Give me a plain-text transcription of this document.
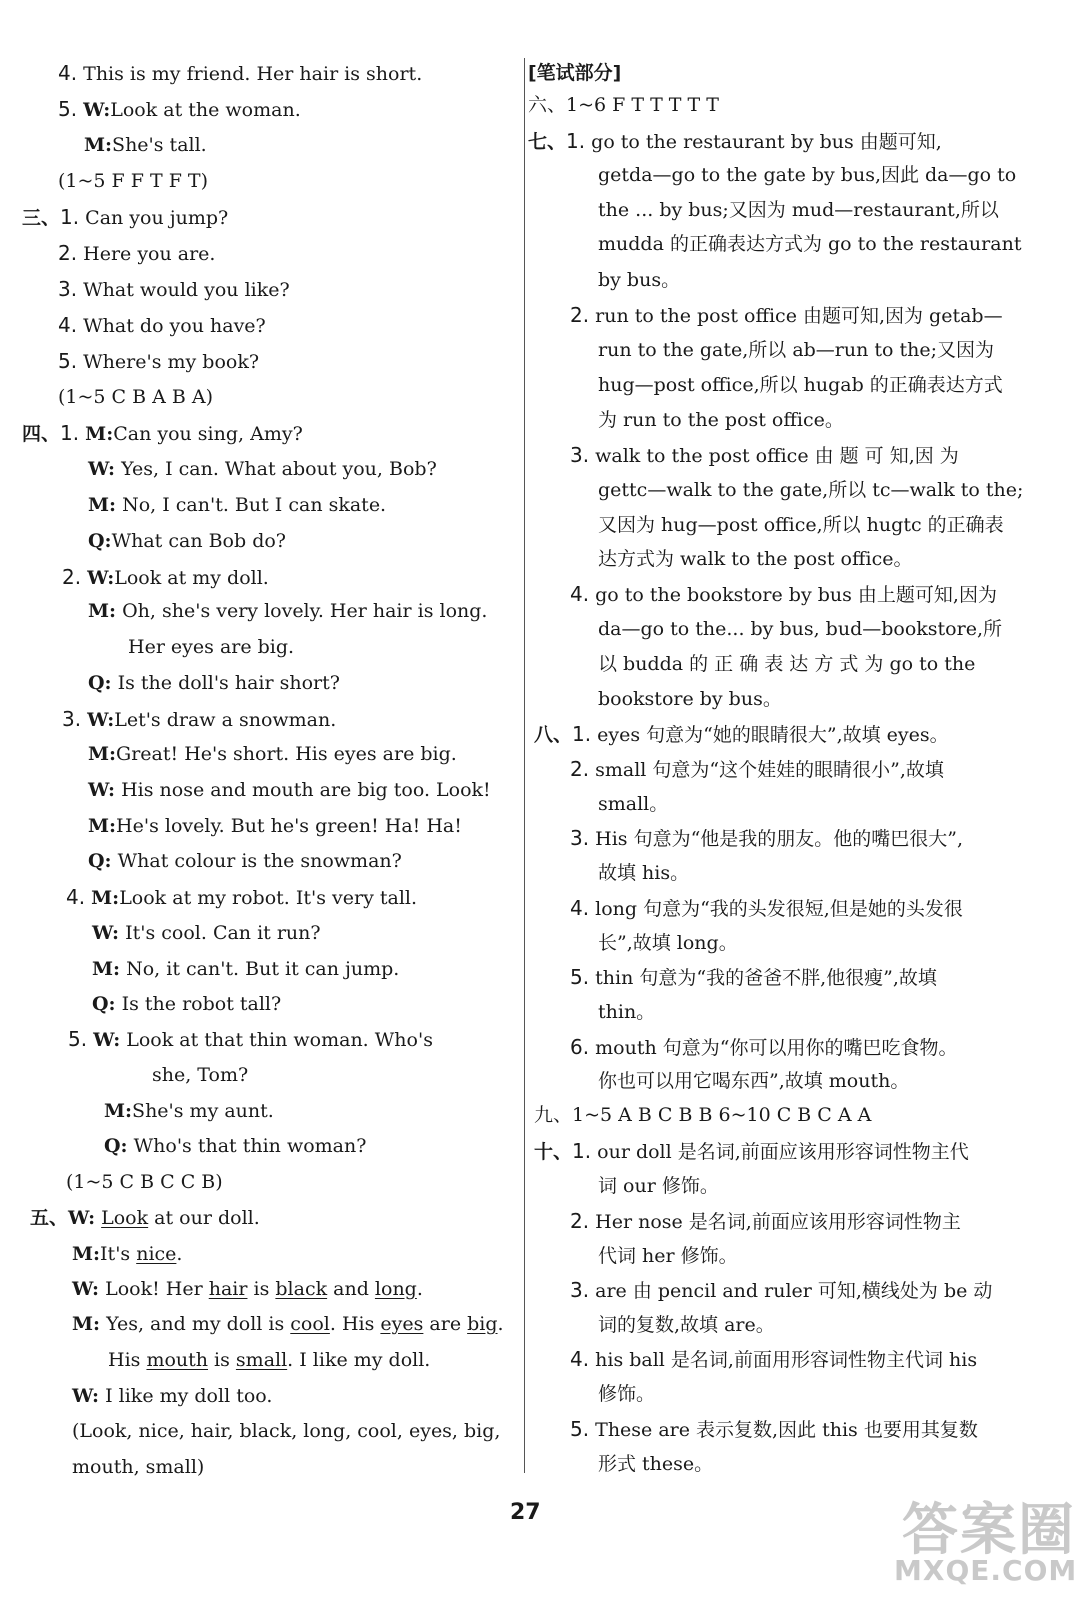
4. This is my friend. Her hair is short.
5. W:Look at the woman.
M:She's tall.
(1~5 F F T F T)
三、1. Can you jump?
2. Here you are.
3. What would you like?
4. What do you have?
5. Where's my book?
(1~5 C B A B A)
四、1. M:Can you sing, Amy?
W: Yes, I can. What about you, Bob?
M: No, I can't. But I can skate.
Q:What can Bob do?
2. W:Look at my doll.
M: Oh, she's very lovely. Her hair is long.
Her eyes are big.
Q: Is the doll's hair short?
3. W:Let's draw a snowman.
M:Great! He's short. His eyes are big.
W: His nose and mouth are big too. Look!
M:He's lovely. But he's green! Ha! Ha!
Q: What colour is the snowman?
4. M:Look at my robot. It's very tall.
W: It's cool. Can it run?
M: No, it can't. But it can jump.
Q: Is the robot tall?
5. W: Look at that thin woman. Who's
she, Tom?
M:She's my aunt.
Q: Who's that thin woman?
(1~5 C B C C B)
五、W: Look at our doll.
M:It's nice.
W: Look! Her hair is black and long.
M: Yes, and my doll is cool. His eyes are big.
His mouth is small. I like my doll.
W: I like my doll too.
(Look, nice, hair, black, long, cool, eyes, big,
mouth, small)
[笔试部分]
六、1~6 F T T T T T
七、1. go to the restaurant by bus 由题可知,
getda—go to the gate by bus,因此 da—go to
the ... by bus;又因为 mud—restaurant,所以
mudda 的正确表达方式为 go to the restaurant
by bus。
2. run to the post office 由题可知,因为 getab—
run to the gate,所以 ab—run to the;又因为
hug—post office,所以 hugab 的正确表达方式
为 run to the post office。
3. walk to the post office 由 题 可 知,因 为
gettc—walk to the gate,所以 tc—walk to the;
又因为 hug—post office,所以 hugtc 的正确表
达方式为 walk to the post office。
4. go to the bookstore by bus 由上题可知,因为
da—go to the... by bus, bud—bookstore,所
以 budda 的 正 确 表 达 方 式 为 go to the
bookstore by bus。
八、1. eyes 句意为“她的眼睛很大”,故填 eyes。
2. small 句意为“这个娃娃的眼睛很小”,故填
small。
3. His 句意为“他是我的朋友。他的嘴巴很大”,
故填 his。
4. long 句意为“我的头发很短,但是她的头发很
长”,故填 long。
5. thin 句意为“我的爸爸不胖,他很瘦”,故填
thin。
6. mouth 句意为“你可以用你的嘴巴吃食物。
你也可以用它喝东西”,故填 mouth。
九、1~5 A B C B B 6~10 C B C A A
十、1. our doll 是名词,前面应该用形容词性物主代
词 our 修饰。
2. Her nose 是名词,前面应该用形容词性物主
代词 her 修饰。
3. are 由 pencil and ruler 可知,横线处为 be 动
词的复数,故填 are。
4. his ball 是名词,前面用形容词性物主代词 his
修饰。
5. These are 表示复数,因此 this 也要用其复数
形式 these。
27	答案圈
MXQE.COM
